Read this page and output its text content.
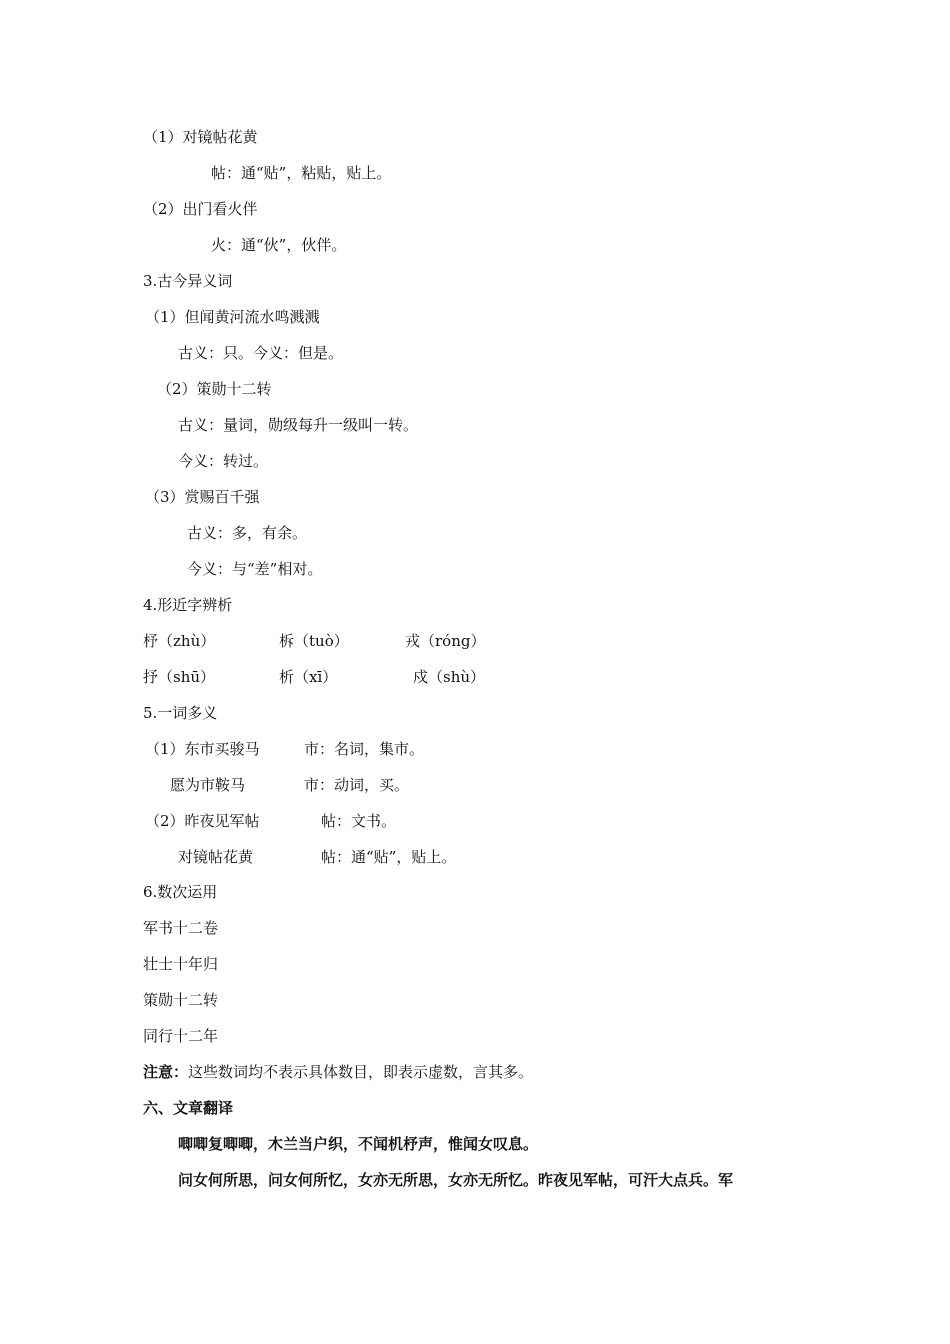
（1）对镜帖花黄
帖：通“贴”，粘贴，贴上。
（2）出门看火伴
火：通“伙”，伙伴。
3.古今异义词
（1）但闻黄河流水鸣溅溅
古义：只。今义：但是。
（2）策勋十二转
古义：量词，勋级每升一级叫一转。
今义：转过。
（3）赏赐百千强
古义：多，有余。
今义：与“差”相对。
4.形近字辨析
杼（zhù）	柝（tuò）	戎（róng）
抒（shū）	析（xī）	戍（shù）
5.一词多义
（1）东市买骏马	市：名词，集市。
愿为市鞍马	市：动词，买。
（2）昨夜见军帖	帖：文书。
对镜帖花黄	帖：通“贴”，贴上。
6.数次运用
军书十二卷
壮士十年归
策勋十二转
同行十二年
注意：这些数词均不表示具体数目，即表示虚数，言其多。
六、文章翻译
唧唧复唧唧，木兰当户织，不闻机杼声，惟闻女叹息。
问女何所思，问女何所忆，女亦无所思，女亦无所忆。昨夜见军帖，可汗大点兵。军
